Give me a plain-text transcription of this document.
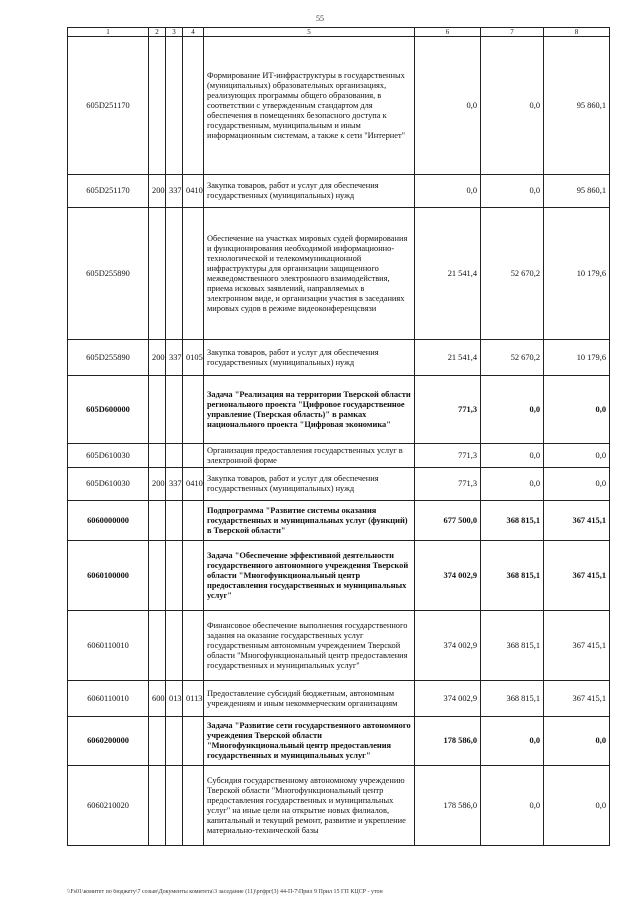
55
1	2	3	4	5	6	7	8
605D251170				Формирование ИТ-инфраструктуры в государственных (муниципальных) образовательных организациях, реализующих программы общего образования, в соответствии с утвержденным стандартом для обеспечения в помещениях безопасного доступа к государственным, муниципальным и иным информационным системам, а также к сети "Интернет"	0,0	0,0	95 860,1
605D251170	200	337	0410	Закупка товаров, работ и услуг для обеспечения государственных (муниципальных) нужд	0,0	0,0	95 860,1
605D255890				Обеспечение на участках мировых судей формирования и функционирования необходимой информационно-технологической и телекоммуникационной инфраструктуры для организации защищенного межведомственного электронного взаимодействия, приема исковых заявлений, направляемых в электронном виде, и организации участия в заседаниях мировых судов в режиме видеоконференцсвязи	21 541,4	52 670,2	10 179,6
605D255890	200	337	0105	Закупка товаров, работ и услуг для обеспечения государственных (муниципальных) нужд	21 541,4	52 670,2	10 179,6
605D600000				Задача "Реализация на территории Тверской области регионального проекта "Цифровое государственное управление (Тверская область)" в рамках национального проекта "Цифровая экономика"	771,3	0,0	0,0
605D610030				Организация предоставления государственных услуг в электронной форме	771,3	0,0	0,0
605D610030	200	337	0410	Закупка товаров, работ и услуг для обеспечения государственных (муниципальных) нужд	771,3	0,0	0,0
6060000000				Подпрограмма "Развитие системы оказания государственных и муниципальных услуг (функций) в Тверской области"	677 500,0	368 815,1	367 415,1
6060100000				Задача "Обеспечение эффективной деятельности государственного автономного учреждения Тверской области "Многофункциональный центр предоставления государственных и муниципальных услуг"	374 002,9	368 815,1	367 415,1
6060110010				Финансовое обеспечение выполнения государственного задания на оказание государственных услуг государственным автономным учреждением Тверской области "Многофункциональный центр предоставления государственных и муниципальных услуг"	374 002,9	368 815,1	367 415,1
6060110010	600	013	0113	Предоставление субсидий бюджетным, автономным учреждениям и иным некоммерческим организациям	374 002,9	368 815,1	367 415,1
6060200000				Задача "Развитие сети государственного автономного учреждения Тверской области "Многофункциональный центр предоставления государственных и муниципальных услуг"	178 586,0	0,0	0,0
6060210020				Субсидия государственному автономному учреждению Тверской области "Многофункциональный центр предоставления государственных и муниципальных услуг" на иные цели на открытие новых филиалов, капитальный и текущий ремонт, развитие и укрепление материально-технической базы	178 586,0	0,0	0,0
\\Fs01\комитет по бюджету\7 созыв\Документы комитета\3 заседание (11)\ргфрг(3) 44-П-7\Прил 9 Прил 15 ГП КЦСР - утон
